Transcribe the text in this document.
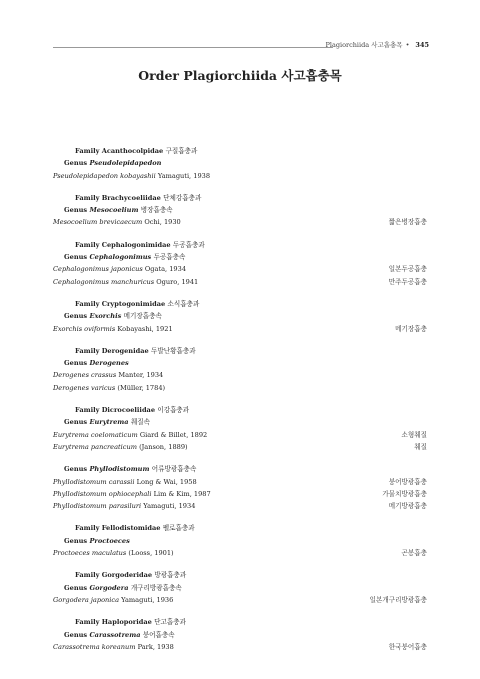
Plagiorchiida 사고흡충목 • 345
Order Plagiorchiida 사고흡충목
Family Acanthocolpidae 구질흡충과
Genus Pseudolepidapedon
Pseudolepidapedon kobayashii Yamaguti, 1938
Family Brachycoeliidae 단체강흡충과
Genus Mesocoelium 병장흡충속
Mesocoelium brevicaecum Ochi, 1930	짧은병장흡충
Family Cephalogonimidae 두공흡충과
Genus Cephalogonimus 두공흡충속
Cephalogonimus japonicus Ogata, 1934	일본두공흡충
Cephalogonimus manchuricus Oguro, 1941	만주두공흡충
Family Cryptogonimidae 소식흡충과
Genus Exorchis 메기장흡충속
Exorchis oviformis Kobayashi, 1921	메기장흡충
Family Derogenidae 두발난황흡충과
Genus Derogenes
Derogenes crassus Manter, 1934
Derogenes varicus (Müller, 1784)
Family Dicrocoeliidae 이강흡충과
Genus Eurytrema 췌질속
Eurytrema coelomaticum Giard & Billet, 1892	소형췌질
Eurytrema pancreaticum (Janson, 1889)	췌질
Genus Phyllodistomum 어류방광흡충속
Phyllodistomum carassii Long & Wai, 1958	붕어방광흡충
Phyllodistomum ophiocephali Lim & Kim, 1987	가물치방광흡충
Phyllodistomum parasiluri Yamaguti, 1934	메기방광흡충
Family Fellodistomidae 펠로흡충과
Genus Proctoeces
Proctoeces maculatus (Looss, 1901)	곤봉흡충
Family Gorgoderidae 방광흡충과
Genus Gorgodera 개구리방광흡충속
Gorgodera japonica Yamaguti, 1936	일본개구리방광흡충
Family Haploporidae 단고흡충과
Genus Carassotrema 붕어흡충속
Carassotrema koreanum Park, 1938	한국붕어흡충
